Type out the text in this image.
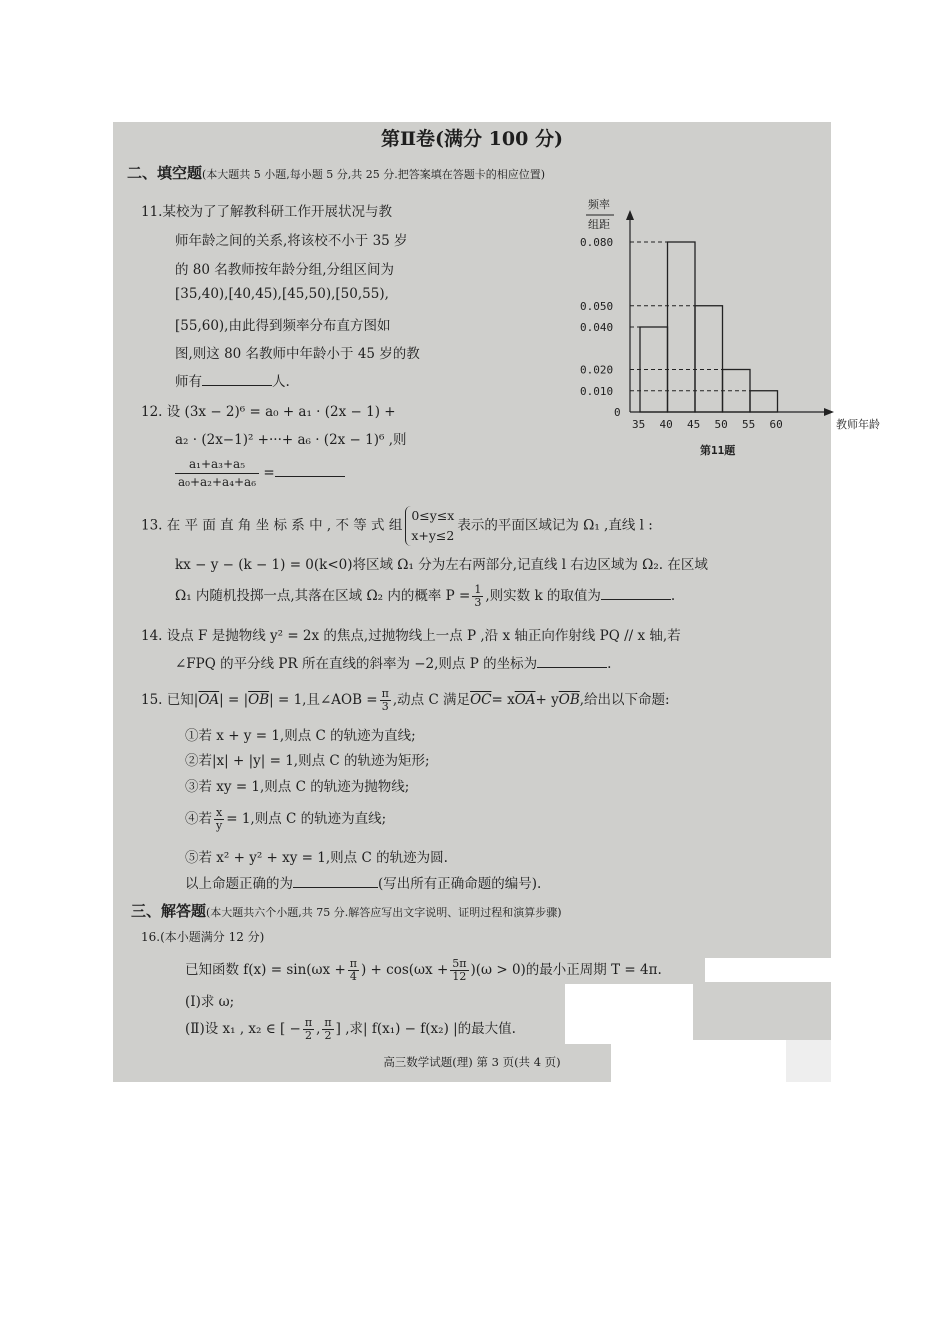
第Ⅱ卷(满分 100 分)
二、填空题(本大题共 5 小题,每小题 5 分,共 25 分.把答案填在答题卡的相应位置)
11.某校为了了解教科研工作开展状况与教
师年龄之间的关系,将该校不小于 35 岁
的 80 名教师按年龄分组,分组区间为
[35,40),[40,45),[45,50),[50,55),
[55,60),由此得到频率分布直方图如
图,则这 80 名教师中年龄小于 45 岁的教
师有	人.
频率
组距
0
0.080
0.050
0.040
0.020
0.010
35 40 45 50 55 60	教师年龄
第11题
12. 设 (3x − 2)⁶ = a₀ + a₁ · (2x − 1) +
a₂ · (2x−1)² +···+ a₆ · (2x − 1)⁶ ,则
$\frac{\text{a₁+a₃+a₅}}{\text{a₀+a₂+a₄+a₆}}$ =
13. 在 平 面 直 角 坐 标 系 中 , 不 等 式 组
0≤y≤x
x+y≤2
表示的平面区域记为 Ω₁ ,直线 l :
kx − y − (k − 1) = 0(k<0)将区域 Ω₁ 分为左右两部分,记直线 l 右边区域为 Ω₂. 在区域
Ω₁ 内随机投掷一点,其落在区域 Ω₂ 内的概率 $P = \frac{1}{3}$ ,则实数 k 的取值为	.
14. 设点 F 是抛物线 y² = 2x 的焦点,过抛物线上一点 P ,沿 x 轴正向作射线 PQ // x 轴,若
∠FPQ 的平分线 PR 所在直线的斜率为 −2,则点 P 的坐标为	.
15. 已知$|\overline{OA}| = |\overline{OB}| = 1$,且∠AOB = $\frac{\pi}{3}$ ,动点 C 满足$\overline{OC}= x\overline{OA}+ y\overline{OB}$,给出以下命题:
①若 x + y = 1,则点 C 的轨迹为直线;
②若|x| + |y| = 1,则点 C 的轨迹为矩形;
③若 xy = 1,则点 C 的轨迹为抛物线;
④若 $\frac{x}{y} = 1$,则点 C 的轨迹为直线;
⑤若 x² + y² + xy = 1,则点 C 的轨迹为圆.
以上命题正确的为	(写出所有正确命题的编号).
三、解答题(本大题共六个小题,共 75 分.解答应写出文字说明、证明过程和演算步骤)
16.(本小题满分 12 分)
已知函数 $f(x) = \sin(\omega x + \frac{\pi}{4}$ ) + $\cos(\omega x + \frac{5\pi}{12} )(\omega > 0)$的最小正周期 T = 4π.
(Ⅰ)求 ω;
(Ⅱ)设 x₁ , x₂ ∈ [ − $\frac{\pi}{2}$ , $\frac{\pi}{2}$ ] ,求| f(x₁) − f(x₂) |的最大值.
高三数学试题(理) 第 3 页(共 4 页)
